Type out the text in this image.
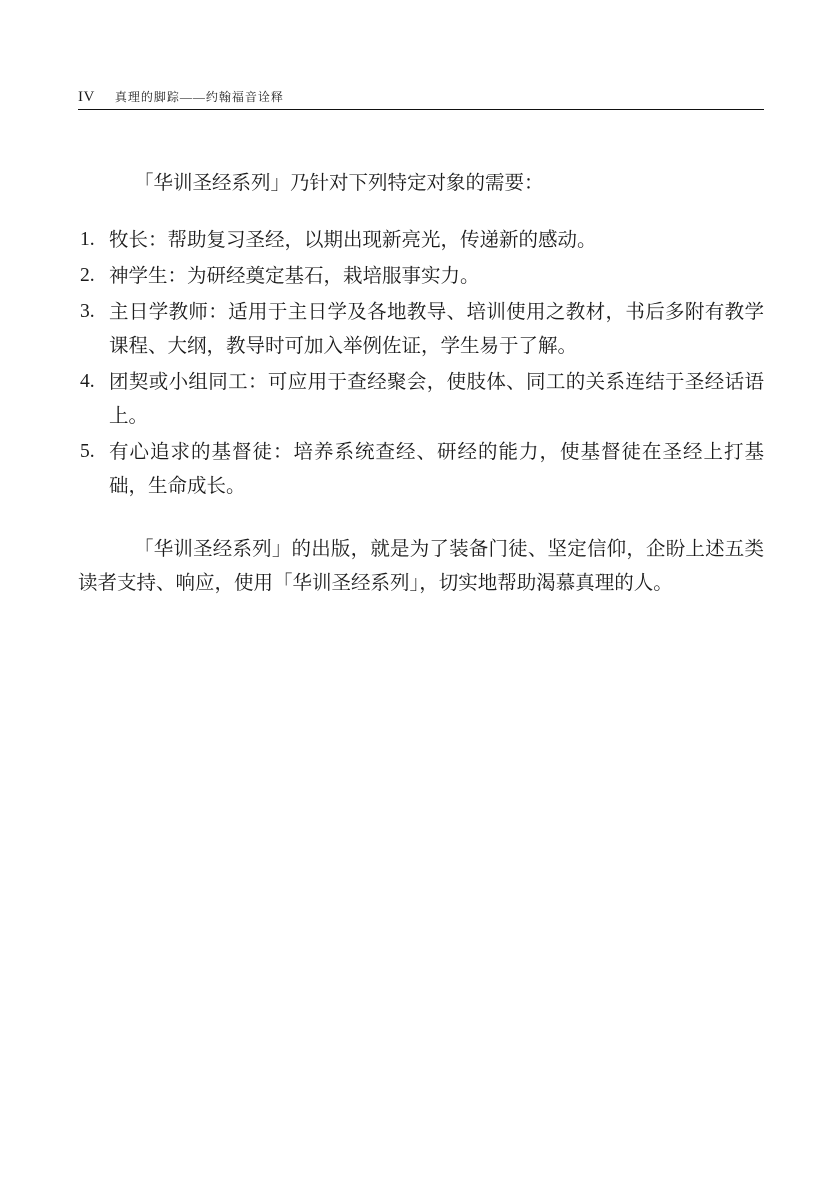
IV 真理的脚踪——约翰福音诠释

「华训圣经系列」乃针对下列特定对象的需要：

1. 牧长：帮助复习圣经，以期出现新亮光，传递新的感动。
2. 神学生：为研经奠定基石，栽培服事实力。
3. 主日学教师：适用于主日学及各地教导、培训使用之教材，书后多附有教学课程、大纲，教导时可加入举例佐证，学生易于了解。
4. 团契或小组同工：可应用于查经聚会，使肢体、同工的关系连结于圣经话语上。
5. 有心追求的基督徒：培养系统查经、研经的能力，使基督徒在圣经上打基础，生命成长。

「华训圣经系列」的出版，就是为了装备门徒、坚定信仰，企盼上述五类读者支持、响应，使用「华训圣经系列」，切实地帮助渴慕真理的人。
